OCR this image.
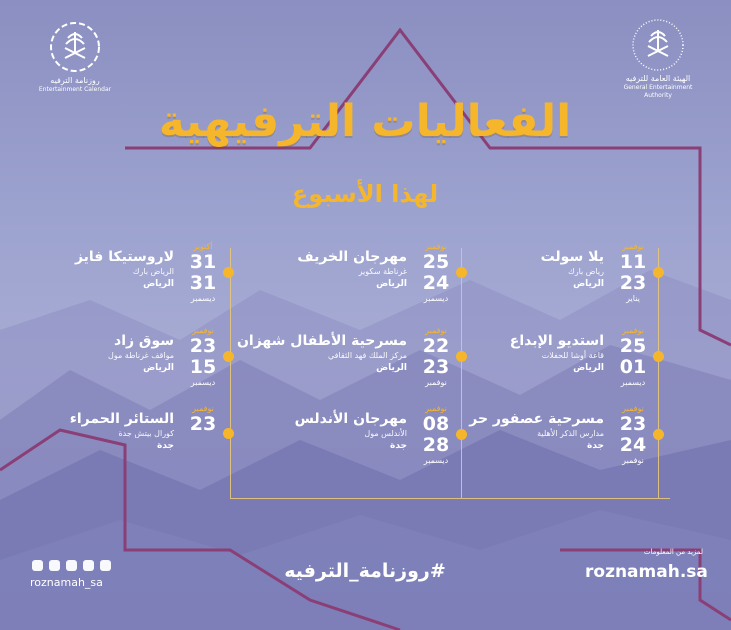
روزنامة الترفيه
Entertainment Calendar
الهيئة العامة للترفيه
General Entertainment Authority
الفعاليات الترفيهية
لهذا الأسبوع
نوفمبر
11
23
يناير
يلا سولت
رياض بارك
الرياض
نوفمبر
25
01
ديسمبر
استديو الإبداع
قاعة أوشا للحفلات
الرياض
نوفمبر
23
24
نوفمبر
مسرحية عصفور حر
مدارس الذكر الأهلية
جدة
نوفمبر
25
24
ديسمبر
مهرجان الخريف
غرناطة سكوير
الرياض
نوفمبر
22
23
نوفمبر
مسرحية الأطفال شهزان
مركز الملك فهد الثقافي
الرياض
نوفمبر
08
28
ديسمبر
مهرجان الأندلس
الأندلس مول
جدة
أكتوبر
31
31
ديسمبر
لاروستيكا فايز
الرياض بارك
الرياض
نوفمبر
23
15
ديسمبر
سوق زاد
مواقف غرناطة مول
الرياض
نوفمبر
23
الستائر الحمراء
كورال بيتش جدة
جدة
لمزيد من المعلومات
roznamah.sa
#روزنامة_الترفيه
roznamah_sa
